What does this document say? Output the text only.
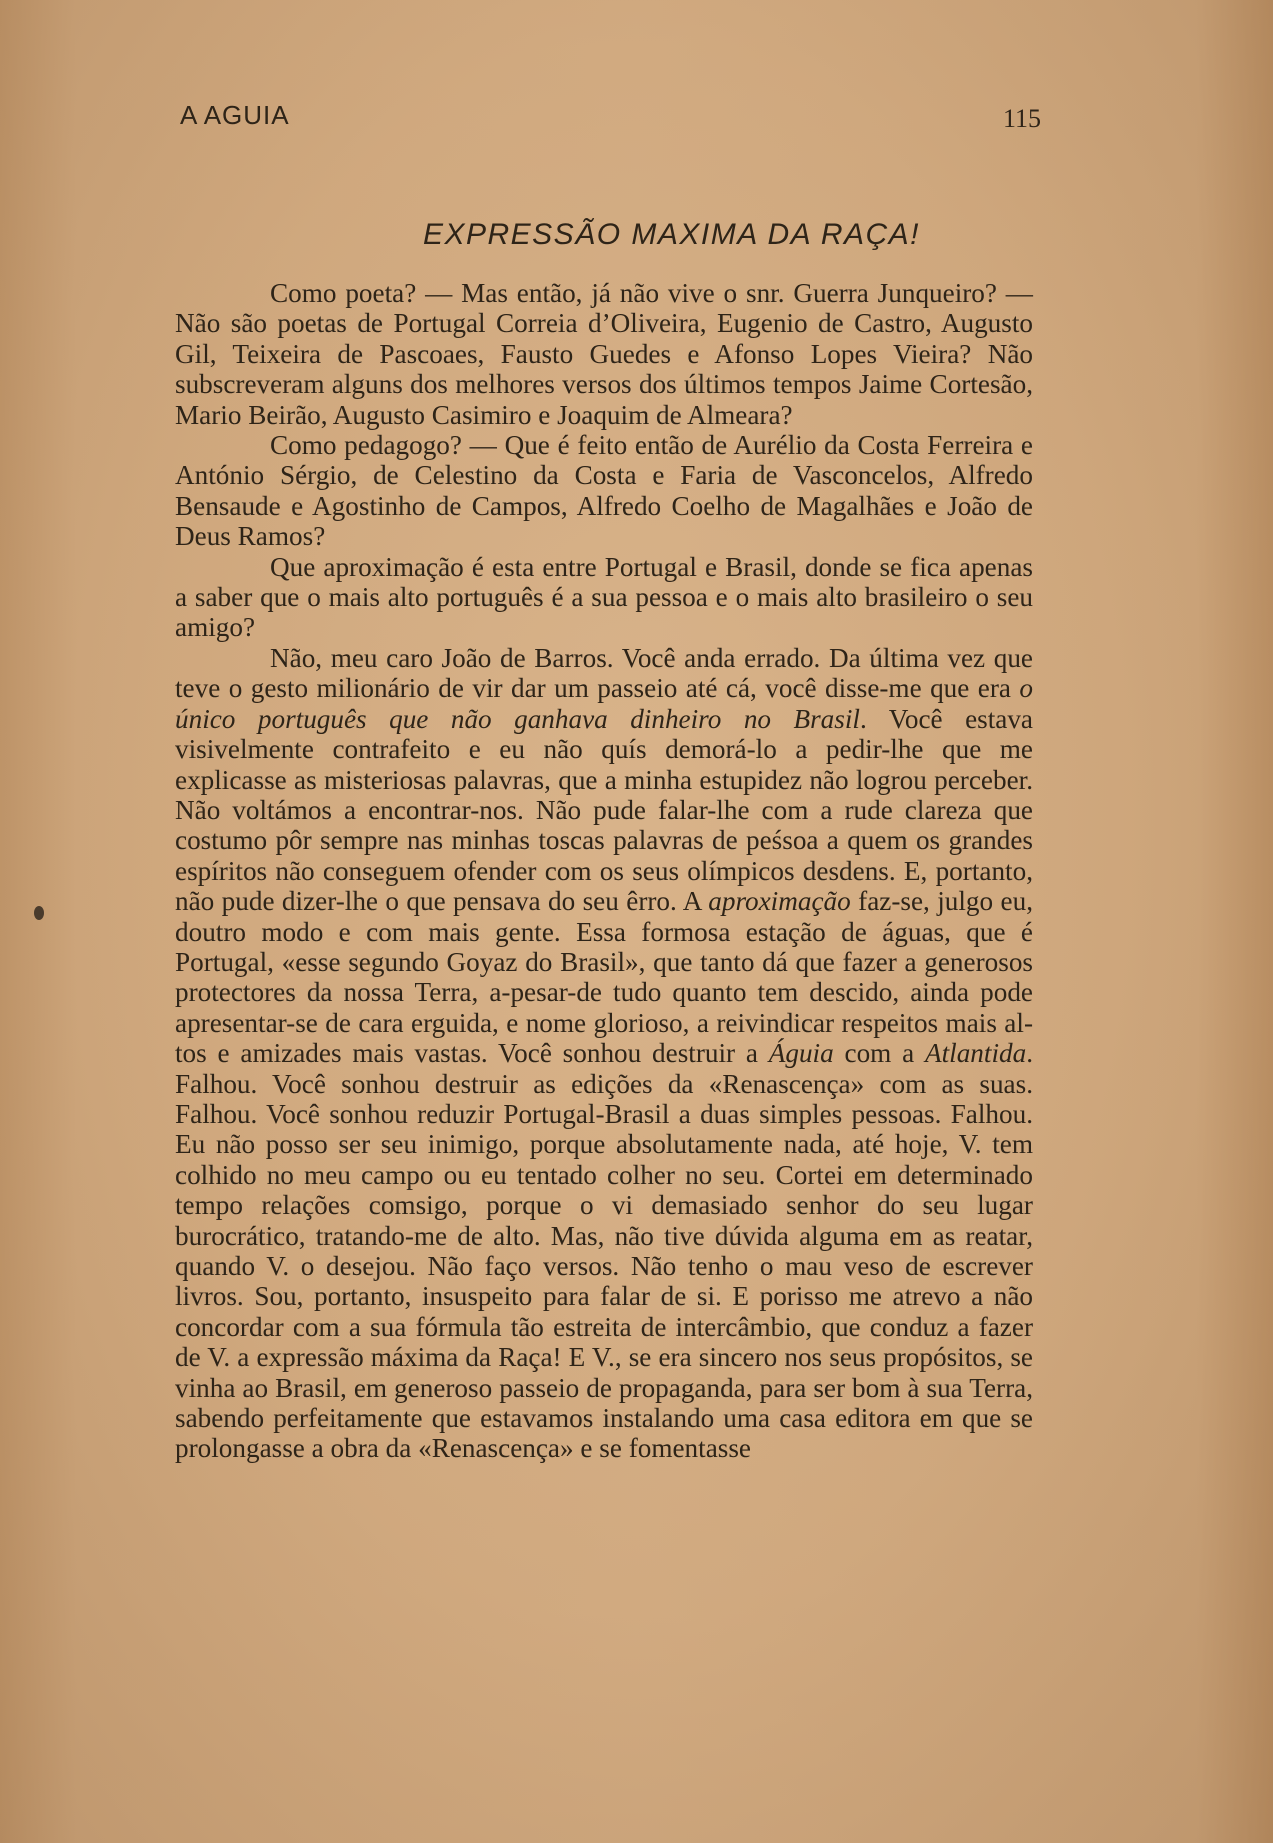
A AGUIA	115
EXPRESSÃO MAXIMA DA RAÇA!

Como poeta? — Mas então, já não vive o snr. Guerra Junqueiro? — Não são poetas de Portugal Correia d’Oliveira, Eugenio de Castro, Augusto Gil, Teixeira de Pascoaes, Fausto Guedes e Afonso Lopes Vieira? Não subscreveram alguns dos melhores versos dos últimos tempos Jaime Cortesão, Mario Beirão, Augusto Casimiro e Joaquim de Almeara?

Como pedagogo? — Que é feito então de Aurélio da Costa Ferreira e António Sérgio, de Celestino da Costa e Faria de Vasconcelos, Alfredo Bensaude e Agostinho de Campos, Alfredo Coelho de Magalhães e João de Deus Ramos?

Que aproximação é esta entre Portugal e Brasil, donde se fica apenas a saber que o mais alto português é a sua pessoa e o mais alto brasileiro o seu amigo?

Não, meu caro João de Barros. Você anda errado. Da última vez que teve o gesto milionário de vir dar um passeio até cá, você disse-me que era o único português que não ganhava dinheiro no Brasil. Você estava visivelmente contrafeito e eu não quís demorá-lo a pedir-lhe que me explicasse as misteriosas palavras, que a minha estupidez não logrou perceber. Não voltámos a encontrar-nos. Não pude falar-lhe com a rude clareza que costumo pôr sempre nas minhas toscas palavras de peśsoa a quem os grandes espíritos não conseguem ofender com os seus olímpicos desdens. E, portanto, não pude dizer-lhe o que pensava do seu êrro. A aproximação faz-se, julgo eu, doutro modo e com mais gente. Essa formosa estação de águas, que é Portugal, «esse segundo Goyaz do Brasil», que tanto dá que fazer a generosos protectores da nossa Terra, a-pesar-de tudo quanto tem descido, ainda pode apresentar-se de cara erguida, e nome glorioso, a reivindicar respeitos mais altos e amizades mais vastas. Você sonhou destruir a Águia com a Atlantida. Falhou. Você sonhou destruir as edições da «Renascença» com as suas. Falhou. Você sonhou reduzir Portugal-Brasil a duas simples pessoas. Falhou. Eu não posso ser seu inimigo, porque absolutamente nada, até hoje, V. tem colhido no meu campo ou eu tentado colher no seu. Cortei em determinado tempo relações comsigo, porque o vi demasiado senhor do seu lugar burocrático, tratando-me de alto. Mas, não tive dúvida alguma em as reatar, quando V. o desejou. Não faço versos. Não tenho o mau veso de escrever livros. Sou, portanto, insuspeito para falar de si. E porisso me atrevo a não concordar com a sua fórmula tão estreita de intercâmbio, que conduz a fazer de V. a expressão máxima da Raça! E V., se era sincero nos seus propósitos, se vinha ao Brasil, em generoso passeio de propaganda, para ser bom à sua Terra, sabendo perfeitamente que estavamos instalando uma casa editora em que se prolongasse a obra da «Renascença» e se fomentasse
